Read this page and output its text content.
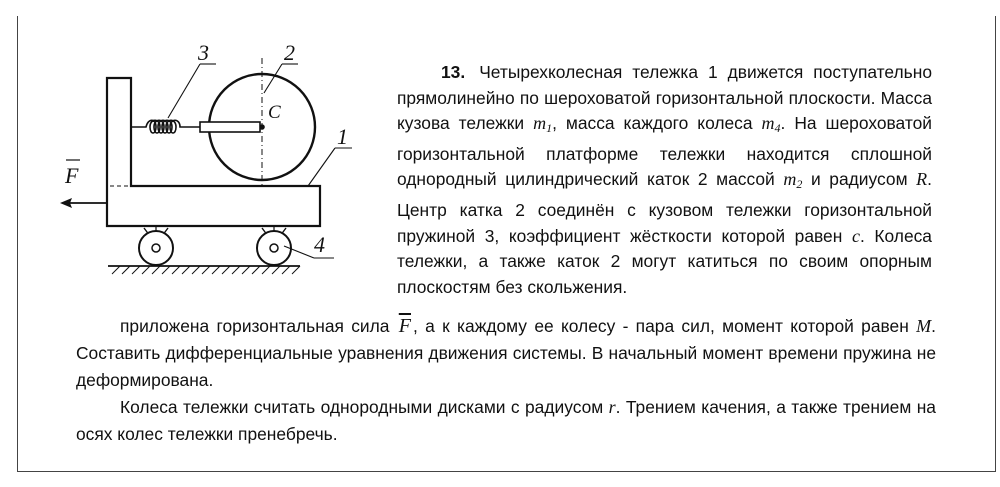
F
3	2
C
1
4

13. Четырехколесная тележка 1 движется поступательно прямолинейно по шероховатой горизонтальной плоскости. Масса кузова тележки $m_1$, масса каждого колеса $m_4$. На шероховатой горизонтальной платформе тележки находится сплошной однородный цилиндрический каток 2 массой $m_2$ и радиусом R. Центр катка 2 соединён с кузовом тележки горизонтальной пружиной 3, коэффициент жёсткости которой равен c. Колеса тележки, а также каток 2 могут катиться по своим опорным плоскостям без скольжения.

приложена горизонтальная сила $\overline{F}$ , а к каждому ее колесу - пара сил, момент которой равен M. Составить дифференциальные уравнения движения системы. В начальный момент времени пружина не деформирована.

Колеса тележки считать однородными дисками с радиусом r. Трением качения, а также трением на осях колес тележки пренебречь.
